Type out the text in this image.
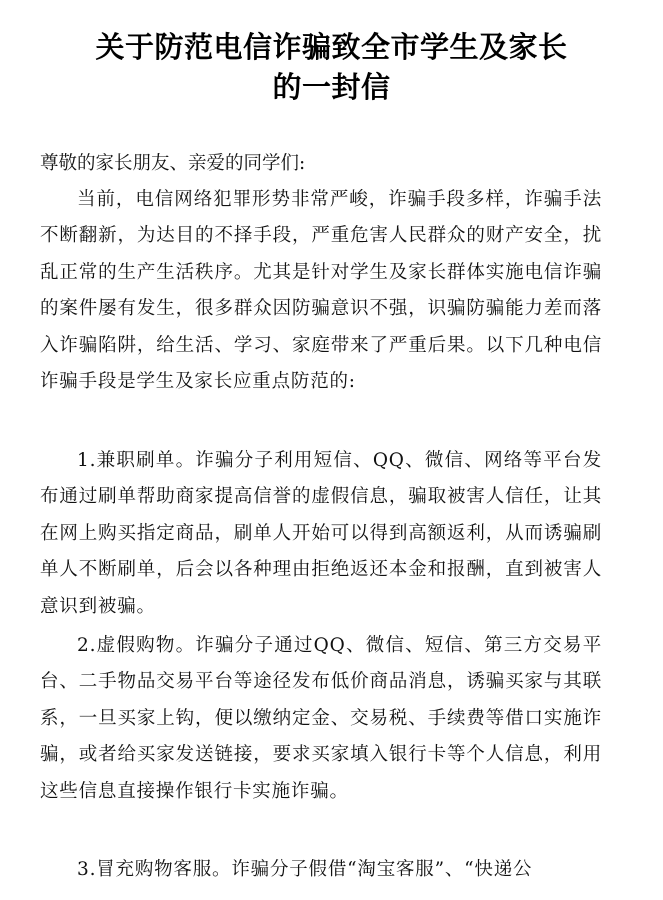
关于防范电信诈骗致全市学生及家长
的一封信
尊敬的家长朋友、亲爱的同学们:
当前，电信网络犯罪形势非常严峻，诈骗手段多样，诈骗手法不断翻新，为达目的不择手段，严重危害人民群众的财产安全，扰乱正常的生产生活秩序。尤其是针对学生及家长群体实施电信诈骗的案件屡有发生，很多群众因防骗意识不强，识骗防骗能力差而落入诈骗陷阱，给生活、学习、家庭带来了严重后果。以下几种电信诈骗手段是学生及家长应重点防范的:
1.兼职刷单。诈骗分子利用短信、QQ、微信、网络等平台发布通过刷单帮助商家提高信誉的虚假信息，骗取被害人信任，让其在网上购买指定商品，刷单人开始可以得到高额返利，从而诱骗刷单人不断刷单，后会以各种理由拒绝返还本金和报酬，直到被害人意识到被骗。
2.虚假购物。诈骗分子通过QQ、微信、短信、第三方交易平台、二手物品交易平台等途径发布低价商品消息，诱骗买家与其联系，一旦买家上钩，便以缴纳定金、交易税、手续费等借口实施诈骗，或者给买家发送链接，要求买家填入银行卡等个人信息，利用这些信息直接操作银行卡实施诈骗。
3.冒充购物客服。诈骗分子假借“淘宝客服”、“快递公
